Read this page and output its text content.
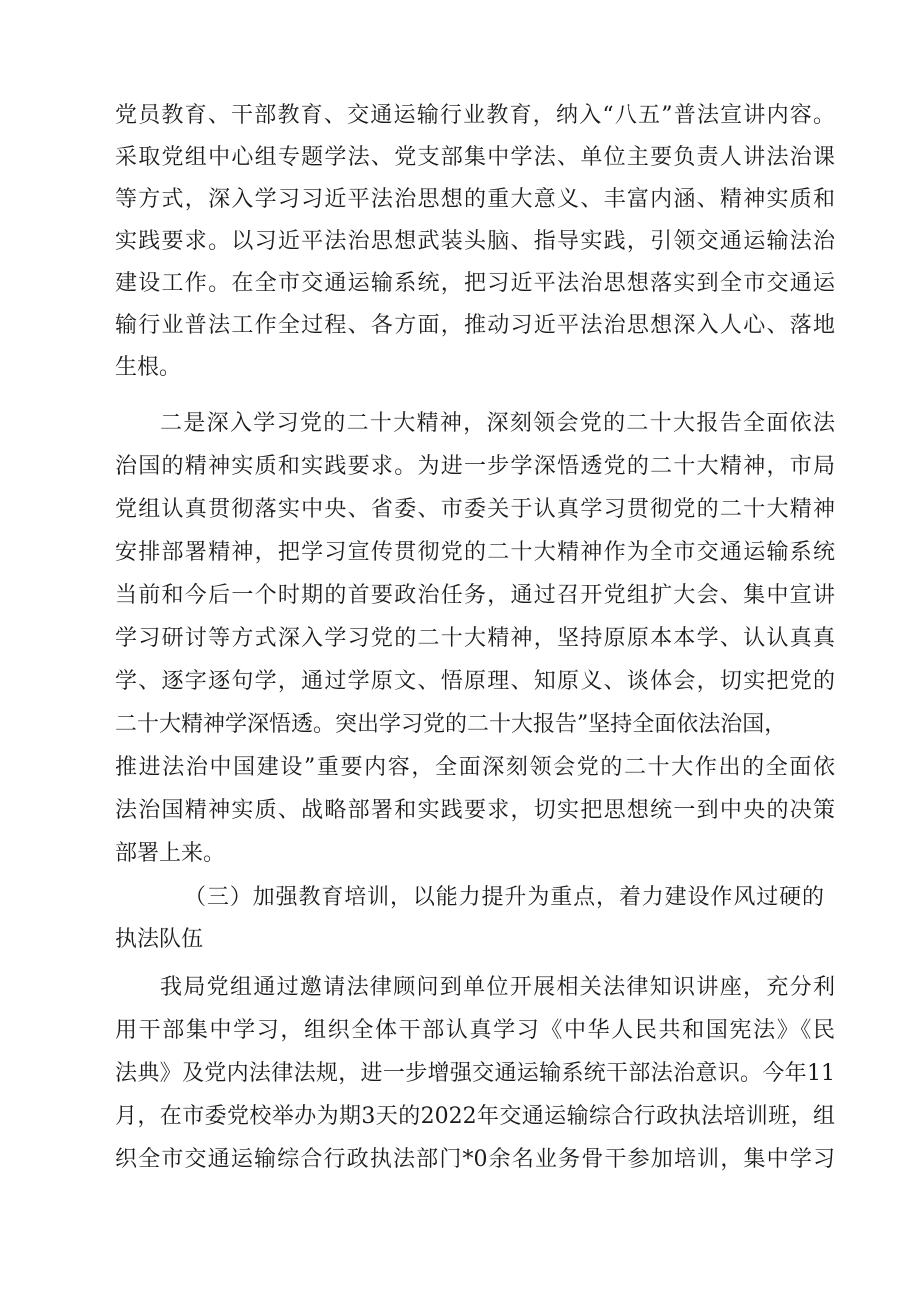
党员教育、干部教育、交通运输行业教育，纳入“八五”普法宣讲内容。
采取党组中心组专题学法、党支部集中学法、单位主要负责人讲法治课
等方式，深入学习习近平法治思想的重大意义、丰富内涵、精神实质和
实践要求。以习近平法治思想武装头脑、指导实践，引领交通运输法治
建设工作。在全市交通运输系统，把习近平法治思想落实到全市交通运
输行业普法工作全过程、各方面，推动习近平法治思想深入人心、落地
生根。
二是深入学习党的二十大精神，深刻领会党的二十大报告全面依法
治国的精神实质和实践要求。为进一步学深悟透党的二十大精神，市局
党组认真贯彻落实中央、省委、市委关于认真学习贯彻党的二十大精神
安排部署精神，把学习宣传贯彻党的二十大精神作为全市交通运输系统
当前和今后一个时期的首要政治任务，通过召开党组扩大会、集中宣讲
学习研讨等方式深入学习党的二十大精神，坚持原原本本学、认认真真
学、逐字逐句学，通过学原文、悟原理、知原义、谈体会，切实把党的
二十大精神学深悟透。突出学习党的二十大报告”坚持全面依法治国，
推进法治中国建设”重要内容，全面深刻领会党的二十大作出的全面依
法治国精神实质、战略部署和实践要求，切实把思想统一到中央的决策
部署上来。
（三）加强教育培训，以能力提升为重点，着力建设作风过硬的
执法队伍
我局党组通过邀请法律顾问到单位开展相关法律知识讲座，充分利
用干部集中学习，组织全体干部认真学习《中华人民共和国宪法》《民
法典》及党内法律法规，进一步增强交通运输系统干部法治意识。今年11
月，在市委党校举办为期3天的2022年交通运输综合行政执法培训班，组
织全市交通运输综合行政执法部门*0余名业务骨干参加培训，集中学习
